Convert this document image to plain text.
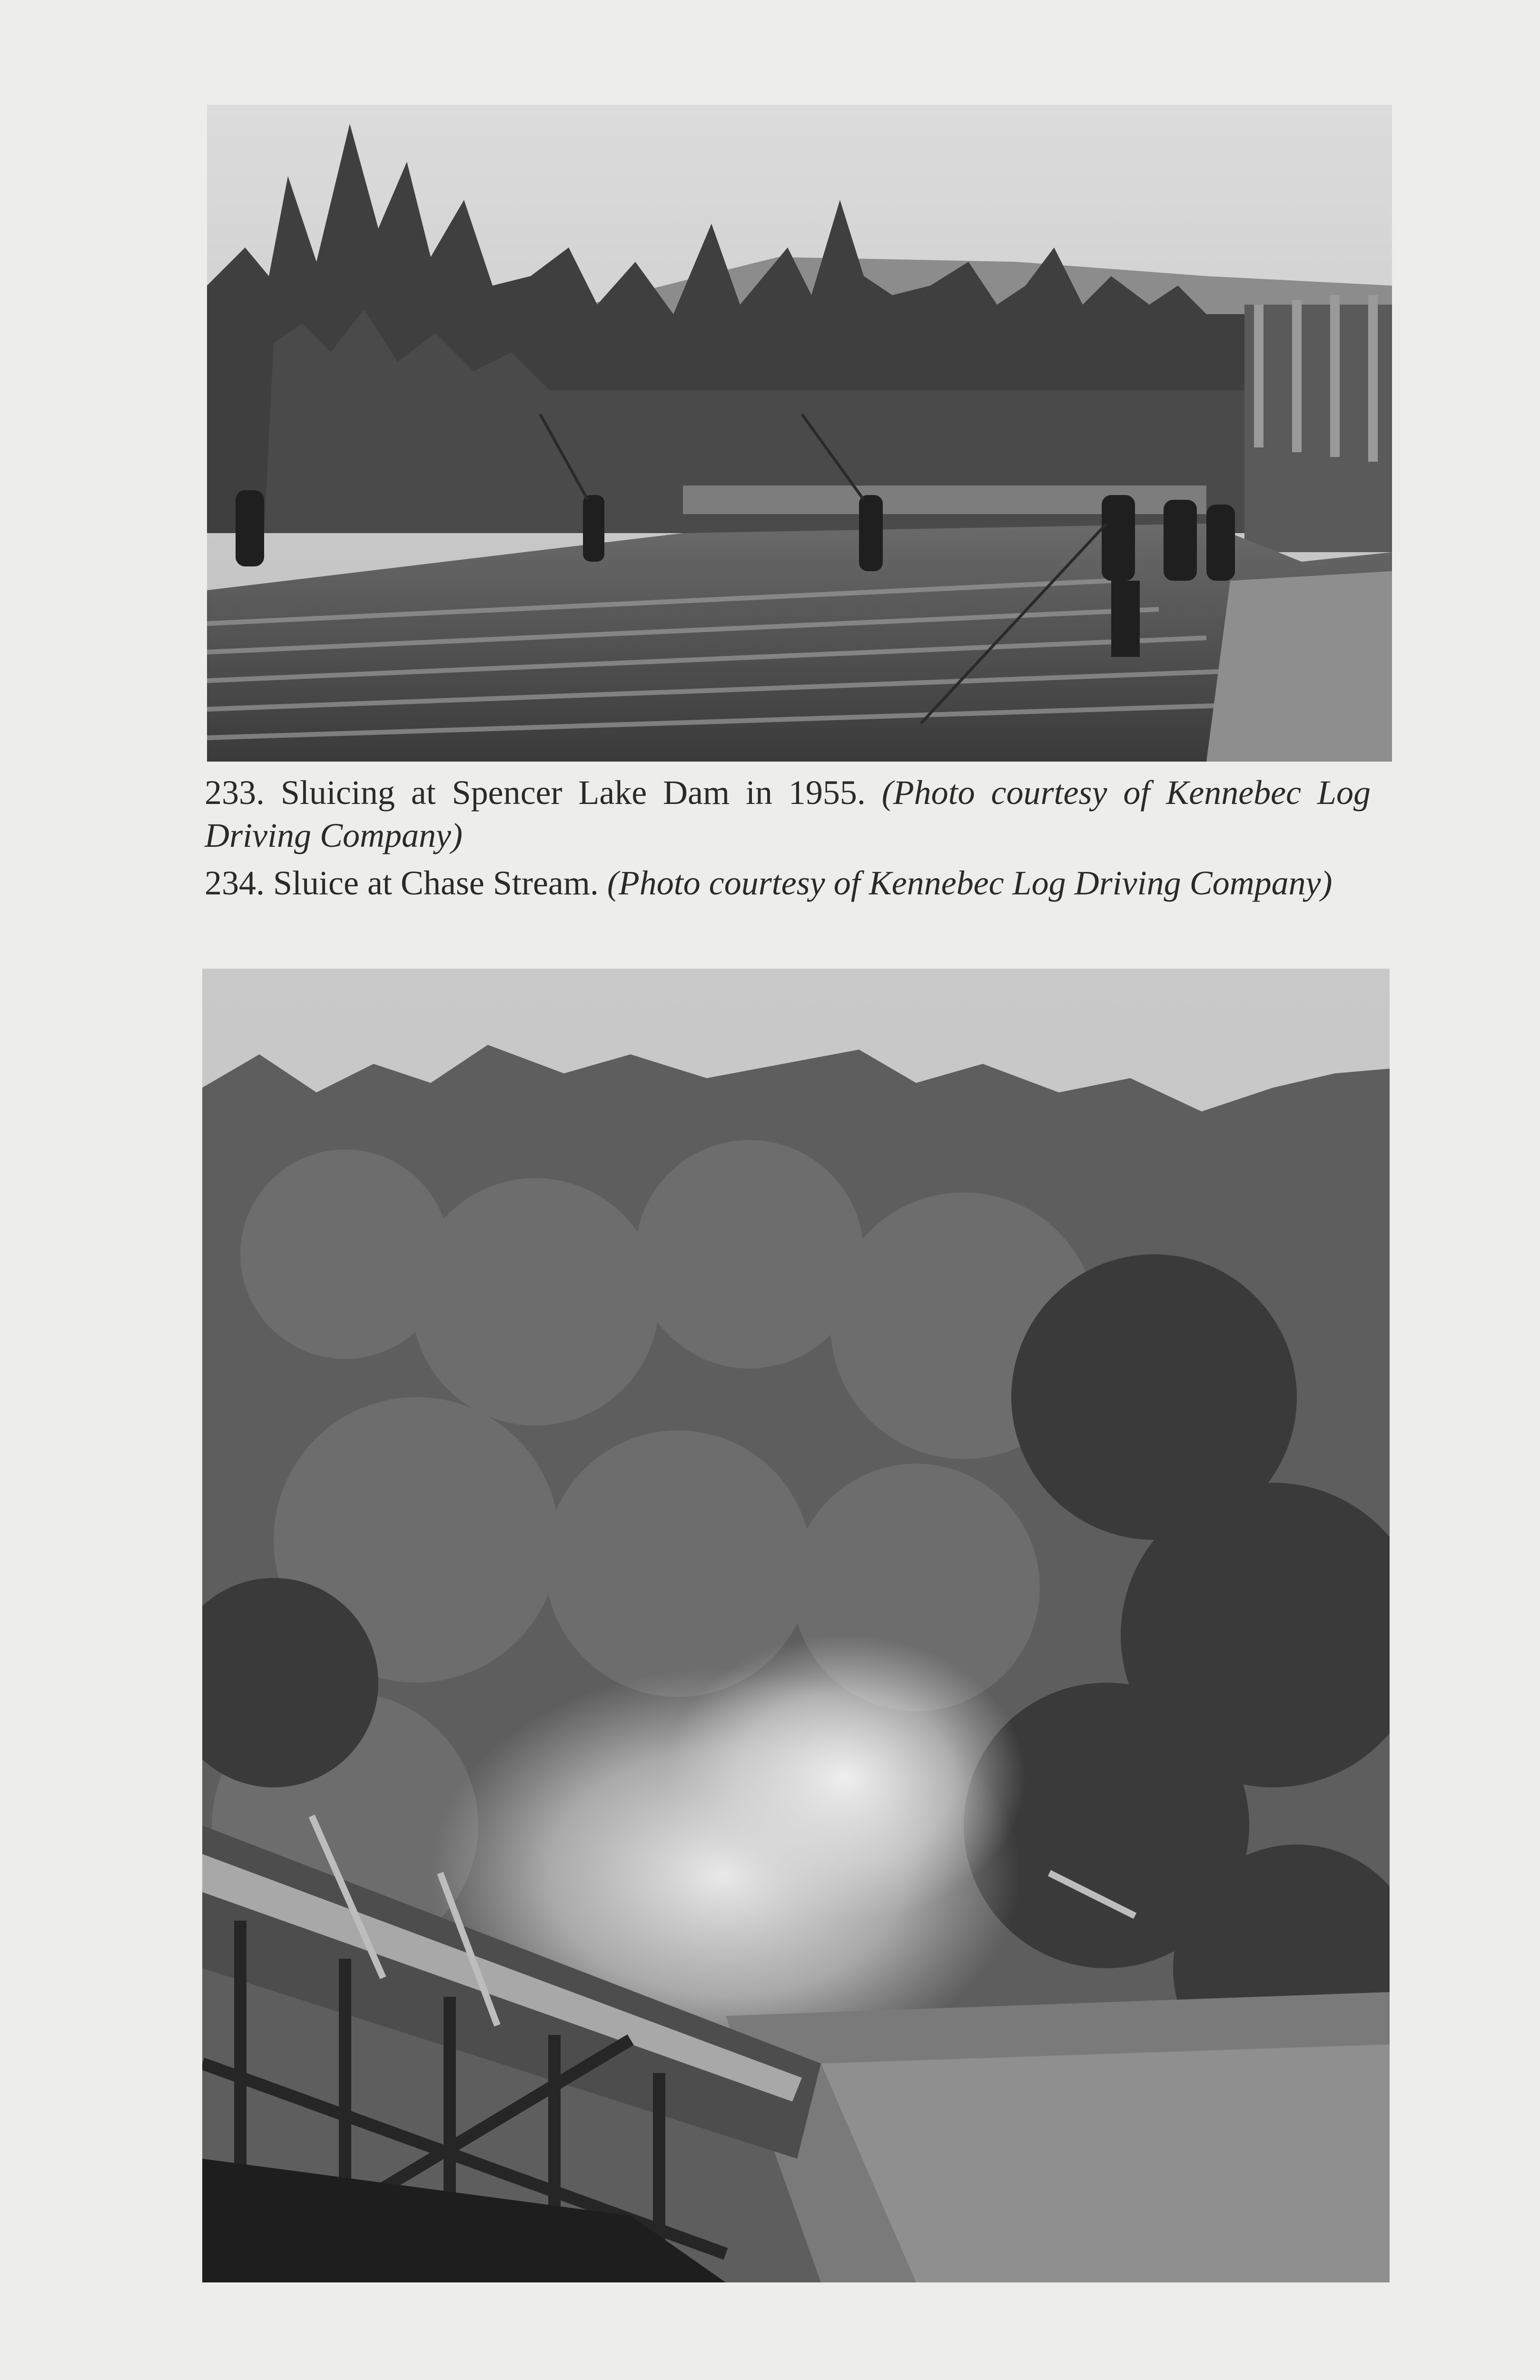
233. Sluicing at Spencer Lake Dam in 1955. (Photo courtesy of Kennebec Log Driving Company)

234. Sluice at Chase Stream. (Photo courtesy of Kennebec Log Driving Company)
